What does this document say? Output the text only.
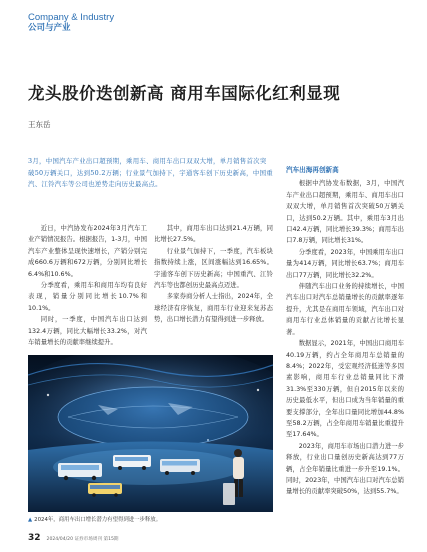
Company & Industry
公司与产业
龙头股价迭创新高 商用车国际化红利显现
王东岳
3月，中国汽车产业出口超预期，乘用车、商用车出口双双大增，单月销售首次突破50万辆关口，达到50.2万辆；行业景气加持下，宇通客车创下历史新高，中国重汽、江铃汽车等公司也逆势走向历史最高点。

近日，中汽协发布2024年3月汽车工业产销情况报告。根据报告，1-3月，中国汽车产业整体呈现快速增长，产销分别完成660.6万辆和672万辆，分别同比增长6.4%和10.6%。

分季度看，乘用车和商用车均有良好表现，销量分别同比增长10.7%和10.1%。

同时，一季度，中国汽车出口达到132.4万辆，同比大幅增长33.2%，对汽车销量增长的贡献率继续提升。

其中，商用车出口达到21.4万辆，同比增长27.5%。

行业景气加持下，一季度，汽车板块指数持续上涨，区间涨幅达到16.65%。宇通客车创下历史新高；中国重汽、江铃汽车等也都创历史最高点迈进。

多家券商分析人士指出，2024年，全球经济有序恢复，商用车行业迎来复苏态势，出口增长潜力有望得到进一步释放。

汽车出海再创新高

根据中汽协发布数据，3月，中国汽车产业出口超预期，乘用车、商用车出口双双大增，单月销售首次突破50万辆关口，达到50.2万辆。其中，乘用车3月出口42.4万辆，同比增长39.3%；商用车出口7.8万辆，同比增长31%。

分季度看，2023年，中国乘用车出口量为414万辆，同比增长63.7%；商用车出口77万辆，同比增长32.2%。

伴随汽车出口业务的持续增长，中国汽车出口对汽车总销量增长的贡献率逐年提升，尤其是在商用车领域，汽车出口对商用车行业总体销量的贡献占比增长显著。

数据显示，2021年，中国出口商用车40.19万辆，约占全年商用车总销量的8.4%；2022年，受宏观经济低迷等多因素影响，商用车行业总销量同比下滑31.3%至330万辆，但自2015年以来的历史最低水平，但出口成为当年销量的重要支撑部分，全年出口量同比增加44.8%至58.2万辆，占全年商用车销量比重提升至17.64%。

2023年，商用车市场出口潜力进一步释放，行业出口量创历史新高达到77万辆，占全年销量比重进一步升至19.1%。同时，2023年，中国汽车出口对汽车总销量增长的贡献率突破50%，达到55.7%。

▲ 2024年，商用车出口增长潜力有望得到进一步释放。
32 2024/04/20 证券市场周刊 第15期
